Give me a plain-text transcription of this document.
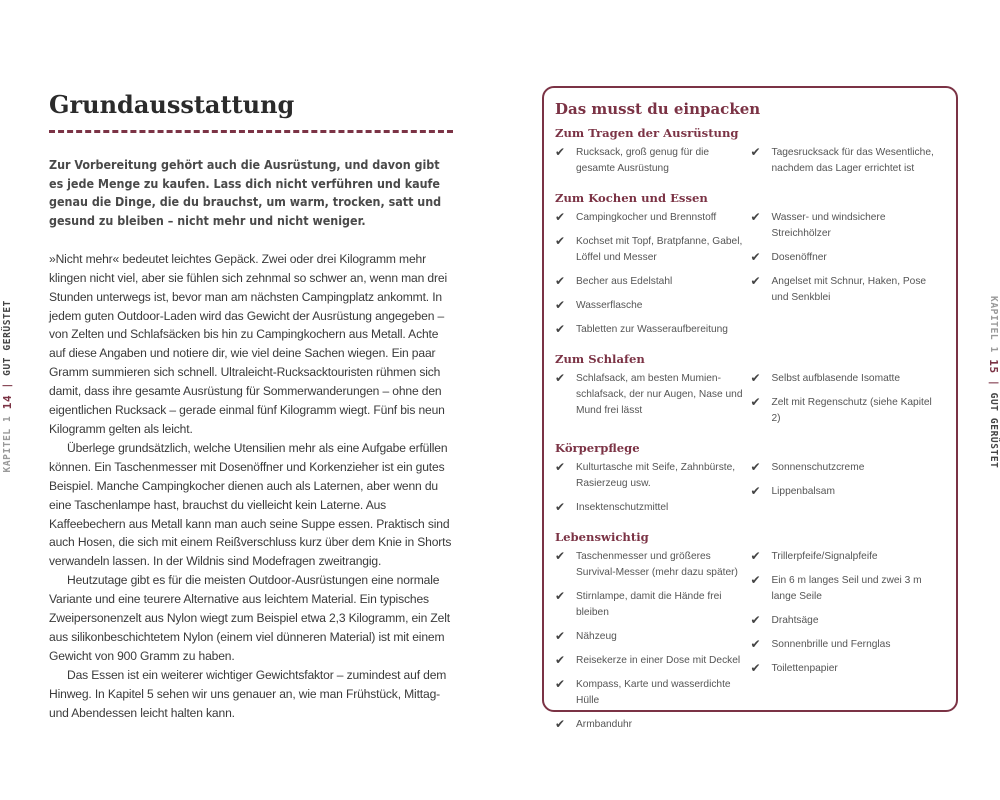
KAPITEL 1 14 | GUT GERÜSTET	KAPITEL 1 15 | GUT GERÜSTET
Grundausstattung
Zur Vorbereitung gehört auch die Ausrüstung, und davon gibt es jede Menge zu kaufen. Lass dich nicht verführen und kaufe genau die Dinge, die du brauchst, um warm, trocken, satt und gesund zu bleiben – nicht mehr und nicht weniger.

»Nicht mehr« bedeutet leichtes Gepäck. Zwei oder drei Kilogramm mehr klingen nicht viel, aber sie fühlen sich zehnmal so schwer an, wenn man drei Stunden unterwegs ist, bevor man am nächsten Campingplatz ankommt. In jedem guten Outdoor-Laden wird das Gewicht der Ausrüstung angegeben – von Zelten und Schlafsäcken bis hin zu Campingkochern aus Metall. Achte auf diese Angaben und notiere dir, wie viel deine Sachen wiegen. Ein paar Gramm summieren sich schnell. Ultraleicht-Rucksacktouristen rühmen sich damit, dass ihre gesamte Ausrüstung für Sommerwanderungen – ohne den eigentlichen Rucksack – gerade einmal fünf Kilogramm wiegt. Fünf bis neun Kilogramm gelten als leicht.

Überlege grundsätzlich, welche Utensilien mehr als eine Aufgabe erfüllen können. Ein Taschenmesser mit Dosenöffner und Korkenzieher ist ein gutes Beispiel. Manche Campingkocher dienen auch als Laternen, aber wenn du eine Taschenlampe hast, brauchst du vielleicht kein Laterne. Aus Kaffeebechern aus Metall kann man auch seine Suppe essen. Praktisch sind auch Hosen, die sich mit einem Reißverschluss kurz über dem Knie in Shorts verwandeln lassen. In der Wildnis sind Modefragen zweitrangig.

Heutzutage gibt es für die meisten Outdoor-Ausrüstungen eine normale Variante und eine teurere Alternative aus leichtem Material. Ein typisches Zweipersonenzelt aus Nylon wiegt zum Beispiel etwa 2,3 Kilogramm, ein Zelt aus silikonbeschichtetem Nylon (einem viel dünneren Material) ist mit einem Gewicht von 900 Gramm zu haben.

Das Essen ist ein weiterer wichtiger Gewichtsfaktor – zumindest auf dem Hinweg. In Kapitel 5 sehen wir uns genauer an, wie man Frühstück, Mittag- und Abendessen leicht halten kann.

Das musst du einpacken
Zum Tragen der Ausrüstung
✔	Rucksack, groß genug für die gesamte Ausrüstung
✔	Tagesrucksack für das Wesentliche, nachdem das Lager errichtet ist
Zum Kochen und Essen
✔	Campingkocher und Brennstoff
✔	Kochset mit Topf, Bratpfanne, Gabel, Löffel und Messer
✔	Becher aus Edelstahl
✔	Wasserflasche
✔	Tabletten zur Wasseraufbereitung
✔	Wasser- und windsichere Streichhölzer
✔	Dosenöffner
✔	Angelset mit Schnur, Haken, Pose und Senkblei
Zum Schlafen
✔	Schlafsack, am besten Mumienschlafsack, der nur Augen, Nase und Mund frei lässt
✔	Selbst aufblasende Isomatte
✔	Zelt mit Regenschutz (siehe Kapitel 2)
Körperpflege
✔	Kulturtasche mit Seife, Zahnbürste, Rasierzeug usw.
✔	Insektenschutzmittel
✔	Sonnenschutzcreme
✔	Lippenbalsam
Lebenswichtig
✔	Taschenmesser und größeres Survival-Messer (mehr dazu später)
✔	Stirnlampe, damit die Hände frei bleiben
✔	Nähzeug
✔	Reisekerze in einer Dose mit Deckel
✔	Kompass, Karte und wasserdichte Hülle
✔	Armbanduhr
✔	Trillerpfeife/Signalpfeife
✔	Ein 6 m langes Seil und zwei 3 m lange Seile
✔	Drahtsäge
✔	Sonnenbrille und Fernglas
✔	Toilettenpapier
